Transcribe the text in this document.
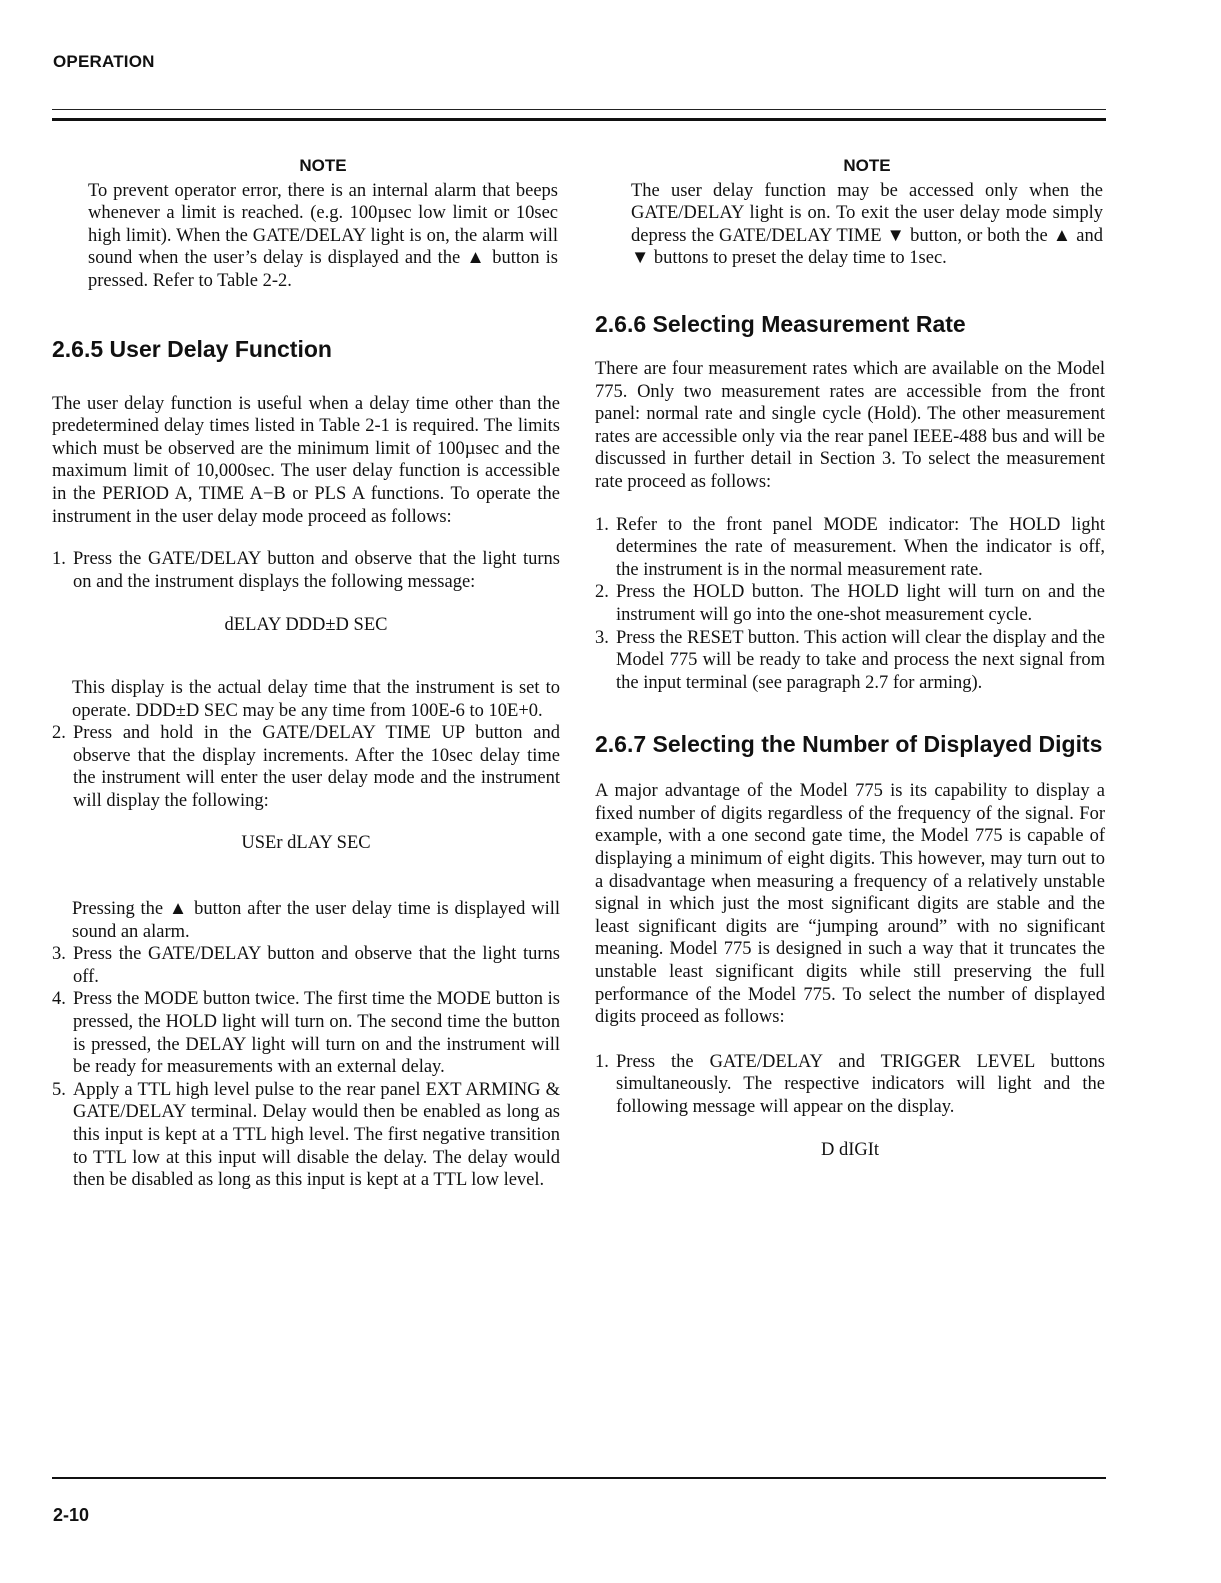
OPERATION
NOTE

To prevent operator error, there is an internal alarm that beeps whenever a limit is reached. (e.g. 100µsec low limit or 10sec high limit). When the GATE/DELAY light is on, the alarm will sound when the user’s delay is displayed and the ▲ button is pressed. Refer to Table 2-2.

2.6.5 User Delay Function

The user delay function is useful when a delay time other than the predetermined delay times listed in Table 2-1 is required. The limits which must be observed are the minimum limit of 100µsec and the maximum limit of 10,000sec. The user delay function is accessible in the PERIOD A, TIME A−B or PLS A functions. To operate the instrument in the user delay mode proceed as follows:

1. Press the GATE/DELAY button and observe that the light turns on and the instrument displays the following message:
dELAY DDD±D SEC

This display is the actual delay time that the instrument is set to operate. DDD±D SEC may be any time from 100E-6 to 10E+0.

2. Press and hold in the GATE/DELAY TIME UP button and observe that the display increments. After the 10sec delay time the instrument will enter the user delay mode and the instrument will display the following:
USEr dLAY SEC

Pressing the ▲ button after the user delay time is displayed will sound an alarm.

3. Press the GATE/DELAY button and observe that the light turns off.
4. Press the MODE button twice. The first time the MODE button is pressed, the HOLD light will turn on. The second time the button is pressed, the DELAY light will turn on and the instrument will be ready for measurements with an external delay.
5. Apply a TTL high level pulse to the rear panel EXT ARMING & GATE/DELAY terminal. Delay would then be enabled as long as this input is kept at a TTL high level. The first negative transition to TTL low at this input will disable the delay. The delay would then be disabled as long as this input is kept at a TTL low level.
NOTE

The user delay function may be accessed only when the GATE/DELAY light is on. To exit the user delay mode simply depress the GATE/DELAY TIME ▼ button, or both the ▲ and ▼ buttons to preset the delay time to 1sec.

2.6.6 Selecting Measurement Rate

There are four measurement rates which are available on the Model 775. Only two measurement rates are accessible from the front panel: normal rate and single cycle (Hold). The other measurement rates are accessible only via the rear panel IEEE-488 bus and will be discussed in further detail in Section 3. To select the measurement rate proceed as follows:

1. Refer to the front panel MODE indicator: The HOLD light determines the rate of measurement. When the indicator is off, the instrument is in the normal measurement rate.
2. Press the HOLD button. The HOLD light will turn on and the instrument will go into the one-shot measurement cycle.
3. Press the RESET button. This action will clear the display and the Model 775 will be ready to take and process the next signal from the input terminal (see paragraph 2.7 for arming).
2.6.7 Selecting the Number of Displayed Digits

A major advantage of the Model 775 is its capability to display a fixed number of digits regardless of the frequency of the signal. For example, with a one second gate time, the Model 775 is capable of displaying a minimum of eight digits. This however, may turn out to a disadvantage when measuring a frequency of a relatively unstable signal in which just the most significant digits are stable and the least significant digits are “jumping around” with no significant meaning. Model 775 is designed in such a way that it truncates the unstable least significant digits while still preserving the full performance of the Model 775. To select the number of displayed digits proceed as follows:

1. Press the GATE/DELAY and TRIGGER LEVEL buttons simultaneously. The respective indicators will light and the following message will appear on the display.
D dIGIt
2-10
